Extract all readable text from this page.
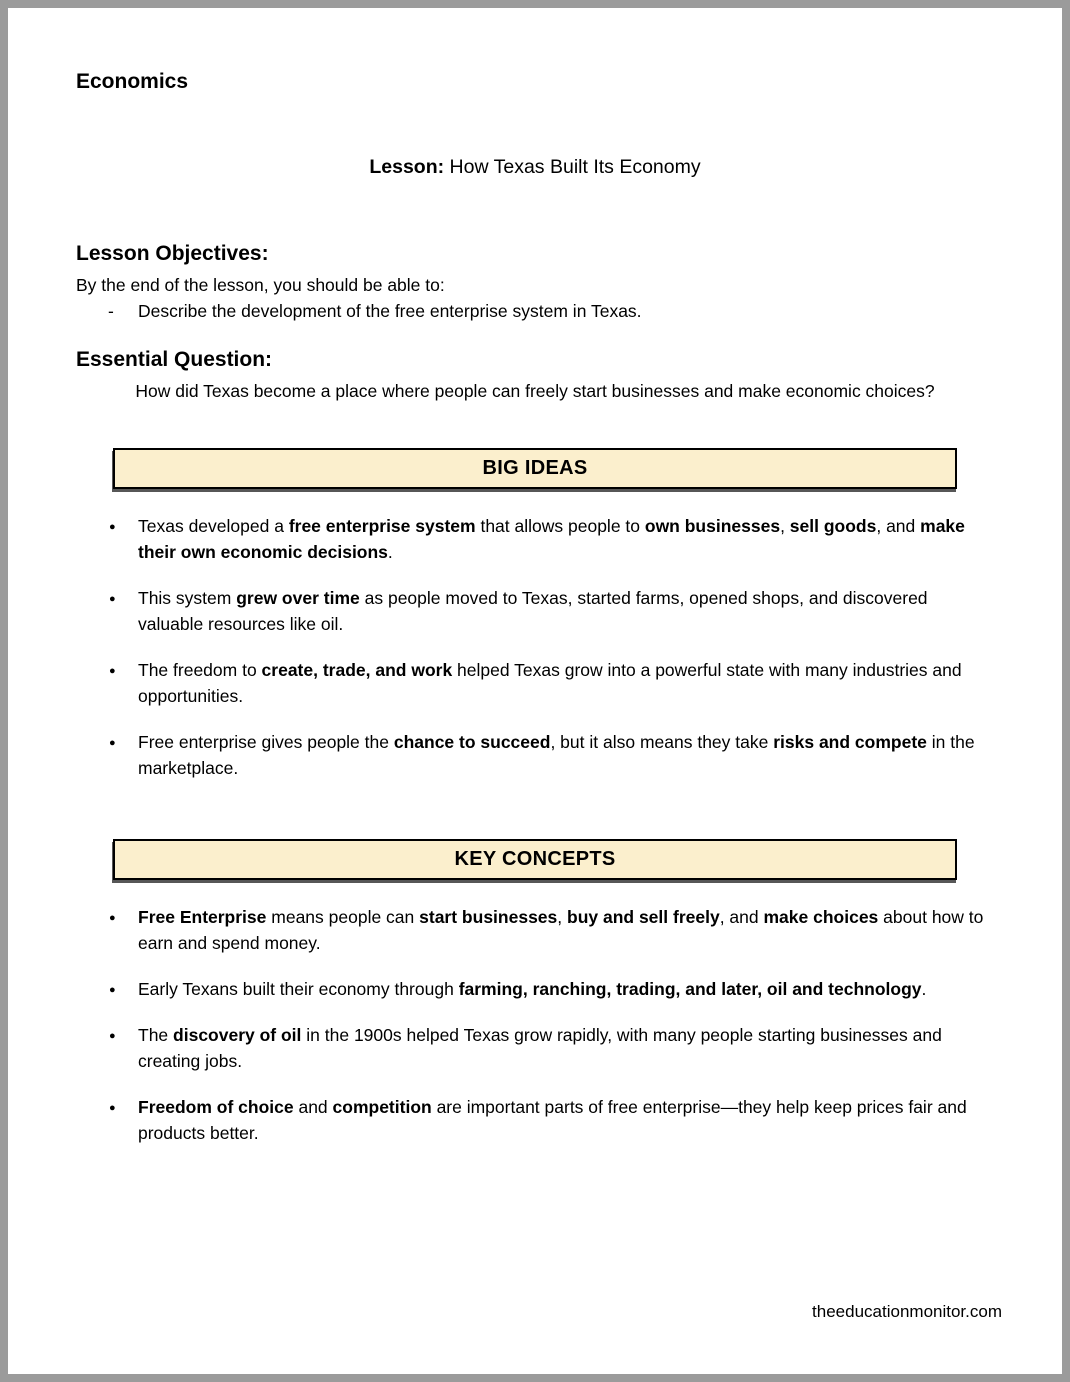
Economics
Lesson: How Texas Built Its Economy
Lesson Objectives:
By the end of the lesson, you should be able to:
-	Describe the development of the free enterprise system in Texas.
Essential Question:
How did Texas become a place where people can freely start businesses and make economic choices?
BIG IDEAS
● Texas developed a free enterprise system that allows people to own businesses, sell goods, and make their own economic decisions.
● This system grew over time as people moved to Texas, started farms, opened shops, and discovered valuable resources like oil.
● The freedom to create, trade, and work helped Texas grow into a powerful state with many industries and opportunities.
● Free enterprise gives people the chance to succeed, but it also means they take risks and compete in the marketplace.
KEY CONCEPTS
● Free Enterprise means people can start businesses, buy and sell freely, and make choices about how to earn and spend money.
● Early Texans built their economy through farming, ranching, trading, and later, oil and technology.
● The discovery of oil in the 1900s helped Texas grow rapidly, with many people starting businesses and creating jobs.
● Freedom of choice and competition are important parts of free enterprise—they help keep prices fair and products better.
theeducationmonitor.com
